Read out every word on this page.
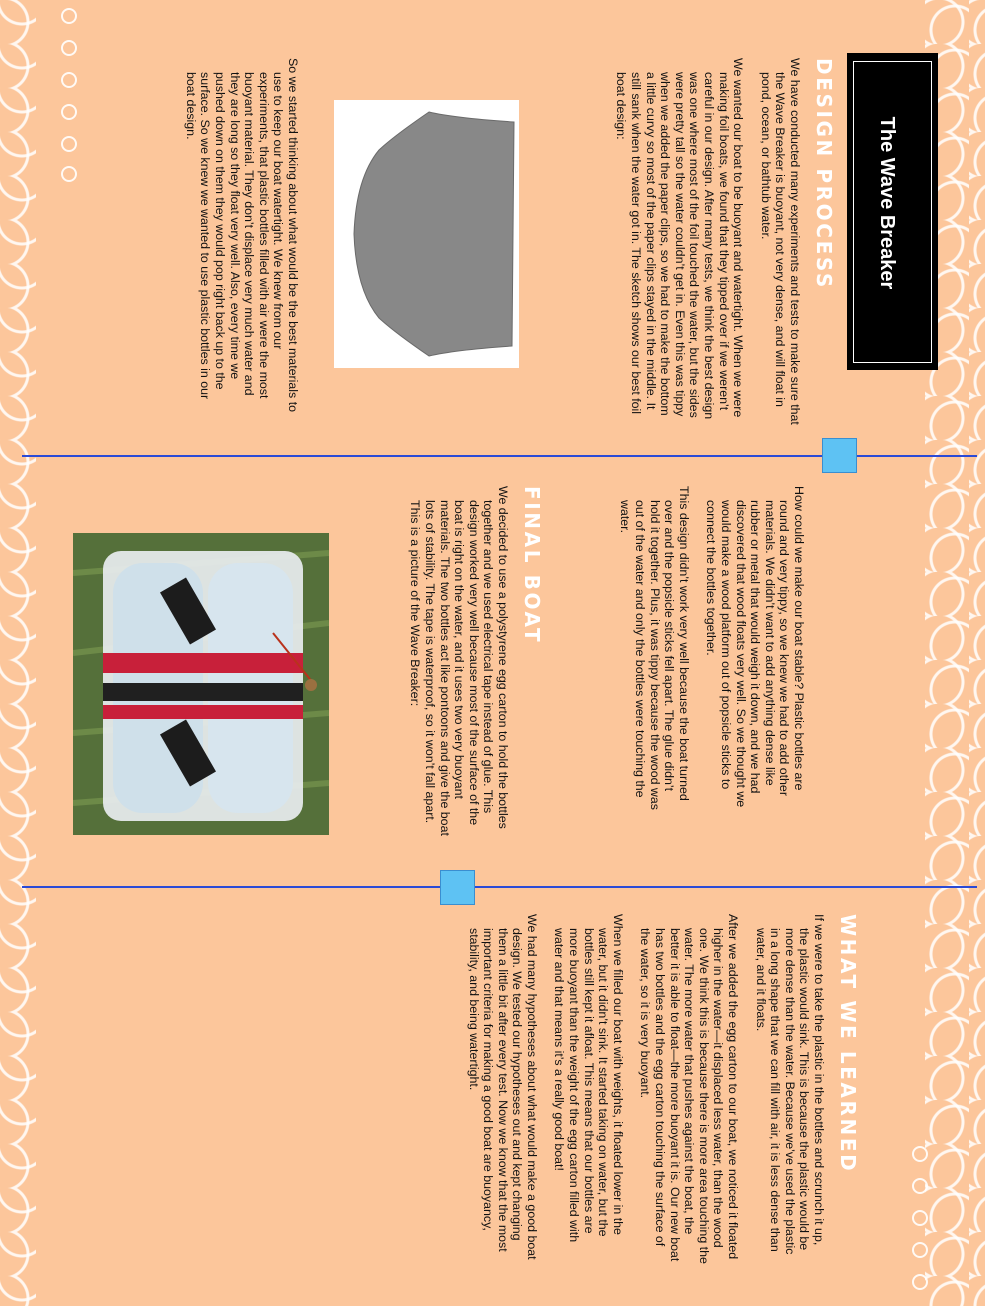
The Wave Breaker
DESIGN PROCESS

We have conducted many experiments and tests to make sure that the Wave Breaker is buoyant, not very dense, and will float in pond, ocean, or bathtub water.

We wanted our boat to be buoyant and watertight. When we were making foil boats, we found that they tipped over if we weren’t careful in our design. After many tests, we think the best design was one where most of the foil touched the water, but the sides were pretty tall so the water couldn’t get in. Even this was tippy when we added the paper clips, so we had to make the bottom a little curvy so most of the paper clips stayed in the middle. It still sank when the water got in. The sketch shows our best foil boat design:

So we started thinking about what would be the best materials to use to keep our boat watertight. We knew from our experiments, that plastic bottles filled with air were the most buoyant material. They don’t displace very much water and they are long so they float very well. Also, every time we pushed down on them they would pop right back up to the surface. So we knew we wanted to use plastic bottles in our boat design.

How could we make our boat stable? Plastic bottles are round and very tippy, so we knew we had to add other materials. We didn’t want to add anything dense like rubber or metal that would weigh it down, and we had discovered that wood floats very well. So we thought we would make a wood platform out of popsicle sticks to connect the bottles together.

This design didn’t work very well because the boat turned over and the popsicle sticks fell apart. The glue didn’t hold it together. Plus, it was tippy because the wood was out of the water and only the bottles were touching the water.

FINAL BOAT

We decided to use a polystyrene egg carton to hold the bottles together and we used electrical tape instead of glue. This design worked very well because most of the surface of the boat is right on the water, and it uses two very buoyant materials. The two bottles act like pontoons and give the boat lots of stability. The tape is waterproof, so it won’t fall apart. This is a picture of the Wave Breaker:

WHAT WE LEARNED

If we were to take the plastic in the bottles and scrunch it up, the plastic would sink. This is because the plastic would be more dense than the water. Because we’ve used the plastic in a long shape that we can fill with air, it is less dense than water, and it floats.

After we added the egg carton to our boat, we noticed it floated higher in the water—it displaced less water, than the wood one. We think this is because there is more area touching the water. The more water that pushes against the boat, the better it is able to float—the more buoyant it is. Our new boat has two bottles and the egg carton touching the surface of the water, so it is very buoyant.

When we filled our boat with weights, it floated lower in the water, but it didn’t sink. It started taking on water, but the bottles still kept it afloat. This means that our bottles are more buoyant than the weight of the egg carton filled with water and that means it’s a really good boat!

We had many hypotheses about what would make a good boat design. We tested our hypotheses out and kept changing them a little bit after every test. Now we know that the most important criteria for making a good boat are buoyancy, stability, and being watertight.
